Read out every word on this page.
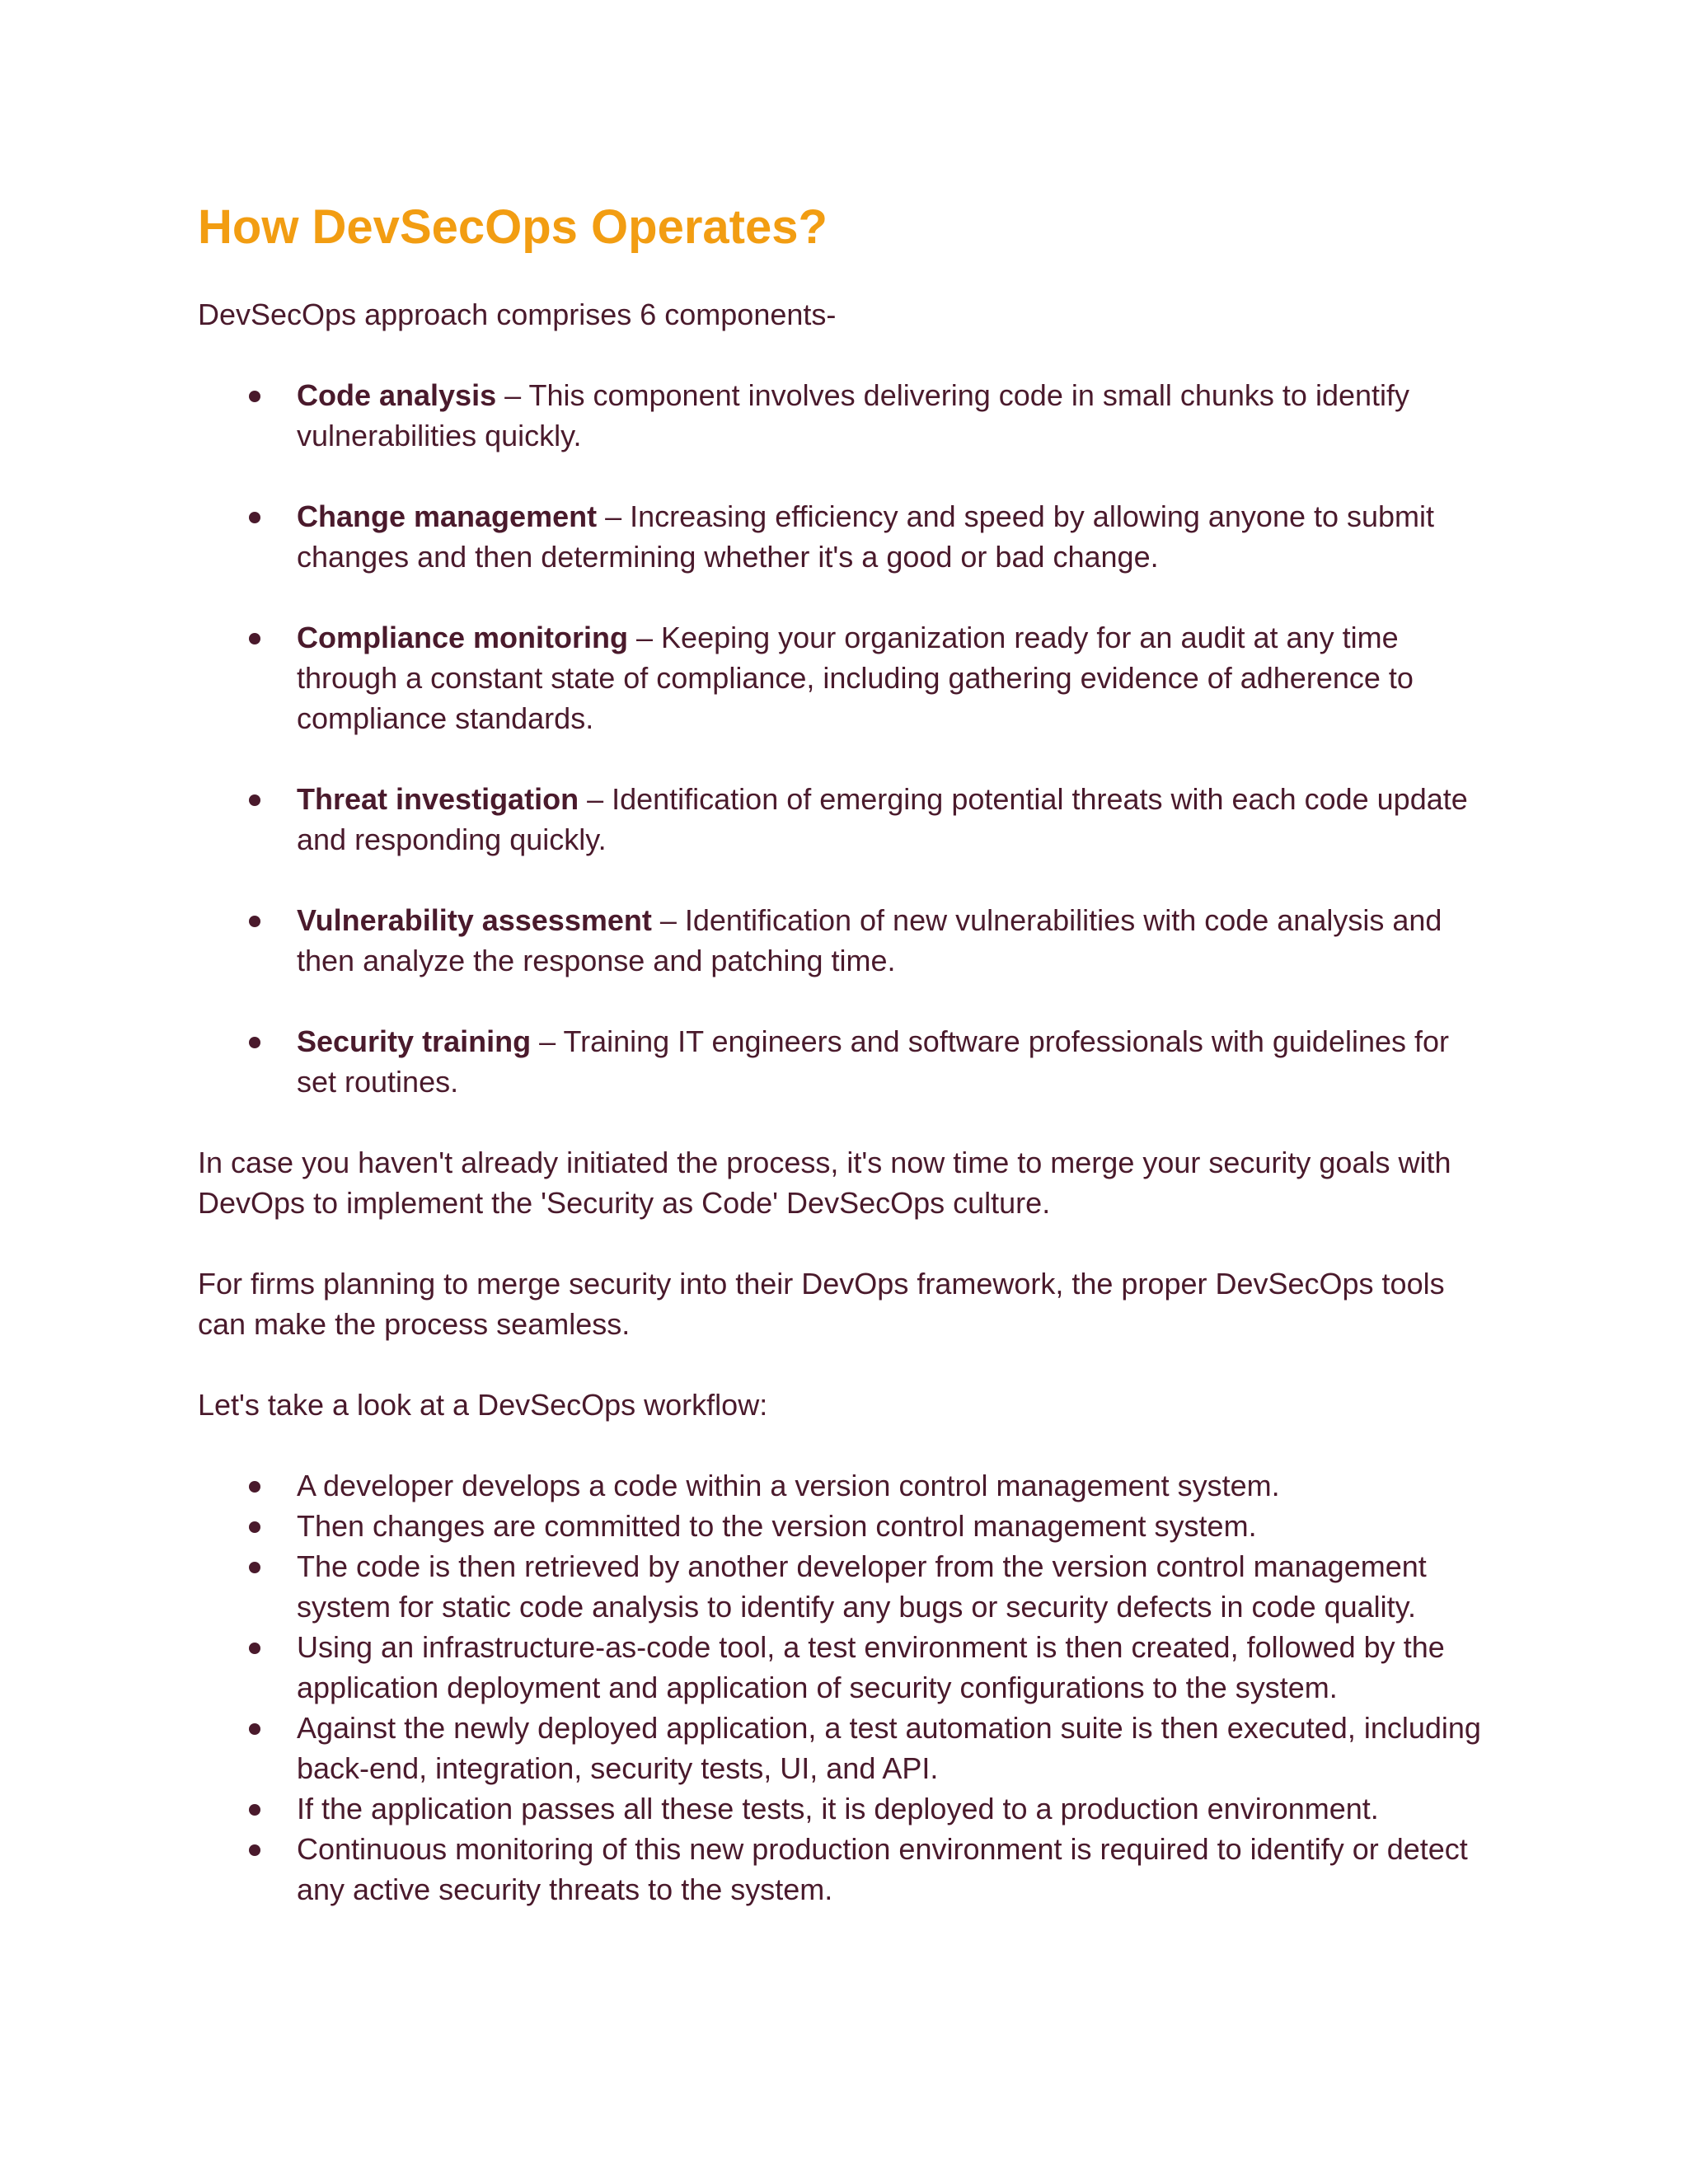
How DevSecOps Operates?

DevSecOps approach comprises 6 components-

Code analysis – This component involves delivering code in small chunks to identify vulnerabilities quickly.
Change management – Increasing efficiency and speed by allowing anyone to submit changes and then determining whether it's a good or bad change.
Compliance monitoring – Keeping your organization ready for an audit at any time through a constant state of compliance, including gathering evidence of adherence to compliance standards.
Threat investigation – Identification of emerging potential threats with each code update and responding quickly.
Vulnerability assessment – Identification of new vulnerabilities with code analysis and then analyze the response and patching time.
Security training – Training IT engineers and software professionals with guidelines for set routines.

In case you haven't already initiated the process, it's now time to merge your security goals with DevOps to implement the 'Security as Code' DevSecOps culture.

For firms planning to merge security into their DevOps framework, the proper DevSecOps tools can make the process seamless.

Let's take a look at a DevSecOps workflow:

A developer develops a code within a version control management system.
Then changes are committed to the version control management system.
The code is then retrieved by another developer from the version control management system for static code analysis to identify any bugs or security defects in code quality.
Using an infrastructure-as-code tool, a test environment is then created, followed by the application deployment and application of security configurations to the system.
Against the newly deployed application, a test automation suite is then executed, including back-end, integration, security tests, UI, and API.
If the application passes all these tests, it is deployed to a production environment.
Continuous monitoring of this new production environment is required to identify or detect any active security threats to the system.
